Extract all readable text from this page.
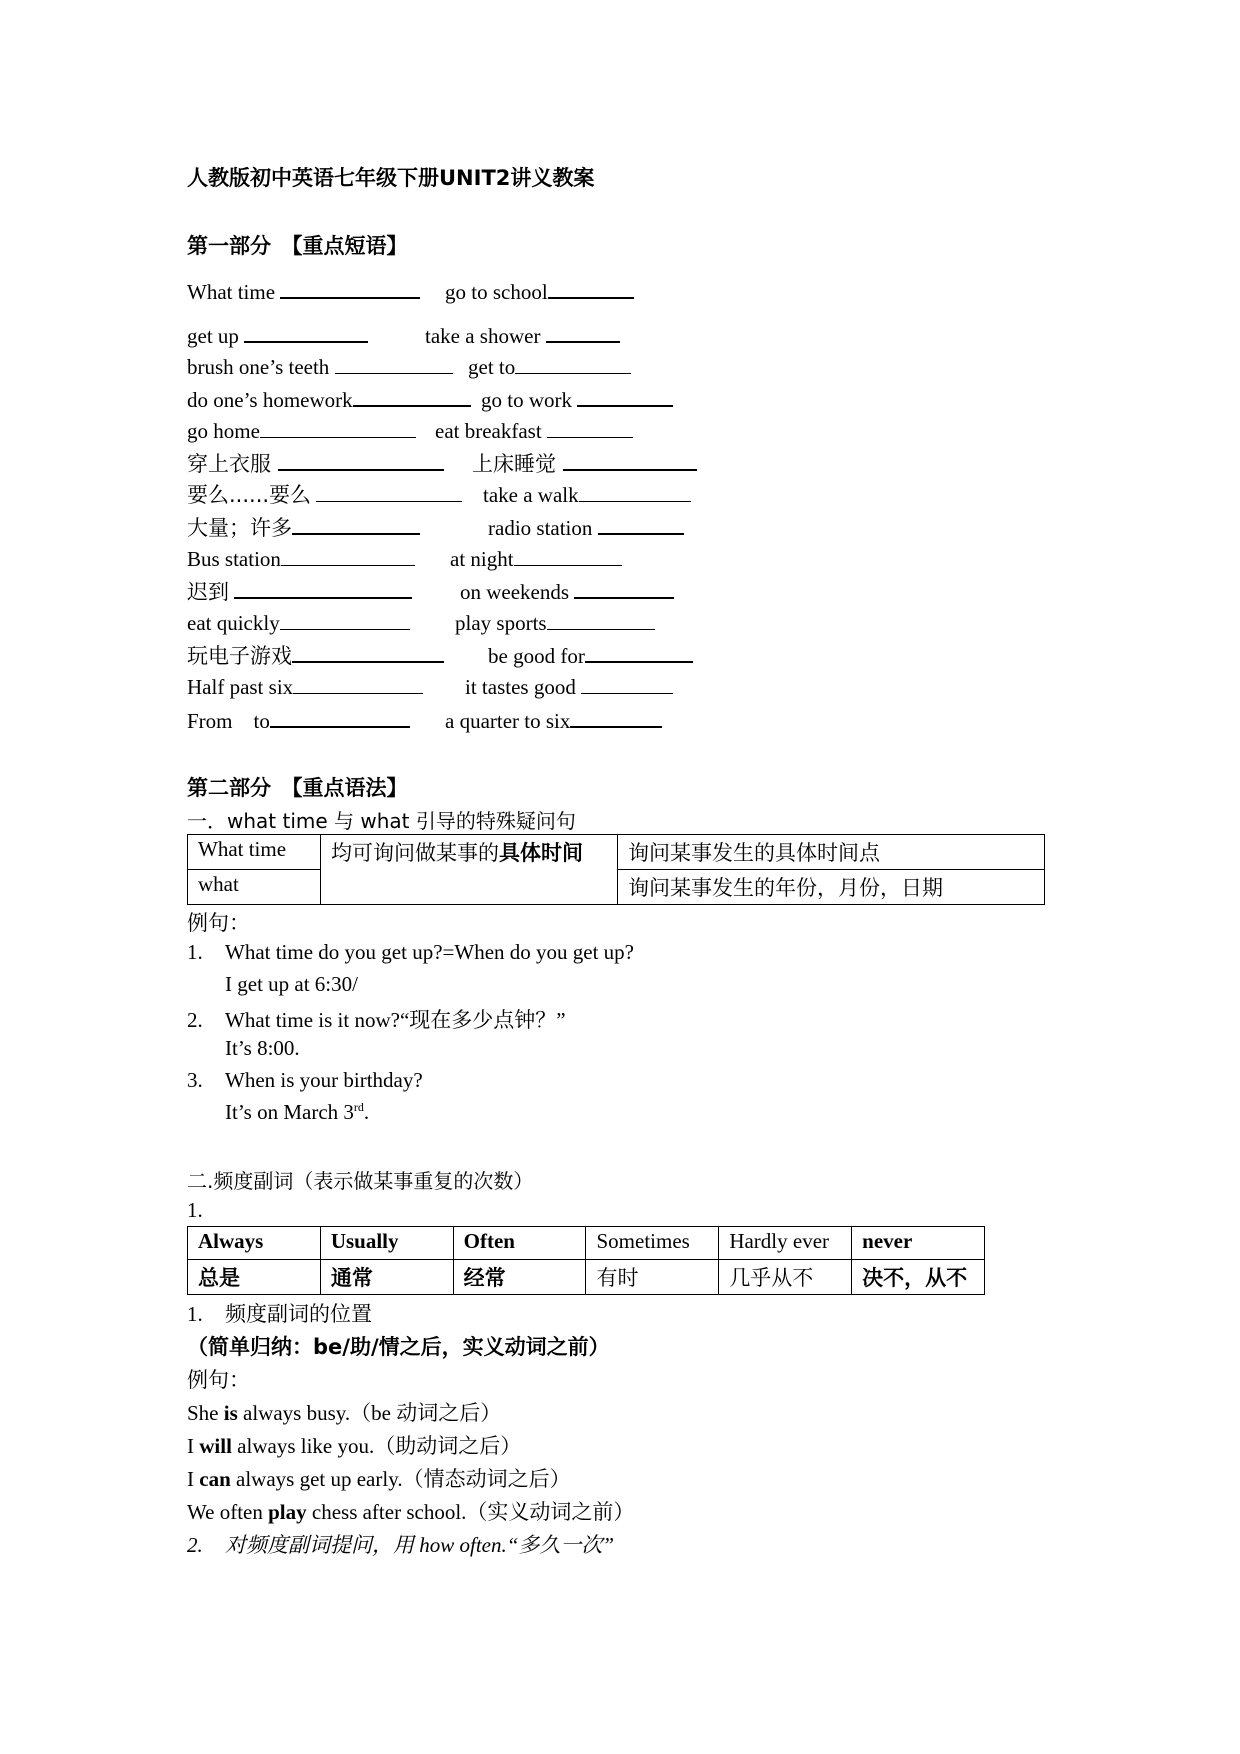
人教版初中英语七年级下册UNIT2讲义教案
第一部分　【重点短语】
What time	go to school
get up	take a shower
brush one’s teeth	get to
do one’s homework	go to work
go home	eat breakfast
穿上衣服	上床睡觉
要么......要么	take a walk
大量；许多	radio station
Bus station	at night
迟到	on weekends
eat quickly	play sports
玩电子游戏	be good for
Half past six	it tastes good
From　to	a quarter to six
第二部分　【重点语法】
一．what time 与 what 引导的特殊疑问句
What time	均可询问做某事的具体时间	询问某事发生的具体时间点
what		询问某事发生的年份，月份，日期
例句：
1. What time do you get up?=When do you get up?
I get up at 6:30/
2. What time is it now?“现在多少点钟？”
It’s 8:00.
3. When is your birthday?
It’s on March 3rd.
二.频度副词（表示做某事重复的次数）
1.
Always	Usually	Often	Sometimes	Hardly ever	never
总是	通常	经常	有时	几乎从不	决不，从不
1. 频度副词的位置
（简单归纳：be/助/情之后，实义动词之前）
例句：
She is always busy.（be 动词之后）
I will always like you.（助动词之后）
I can always get up early.（情态动词之后）
We often play chess after school.（实义动词之前）
2. 对频度副词提问，用 how often.“多久一次”
